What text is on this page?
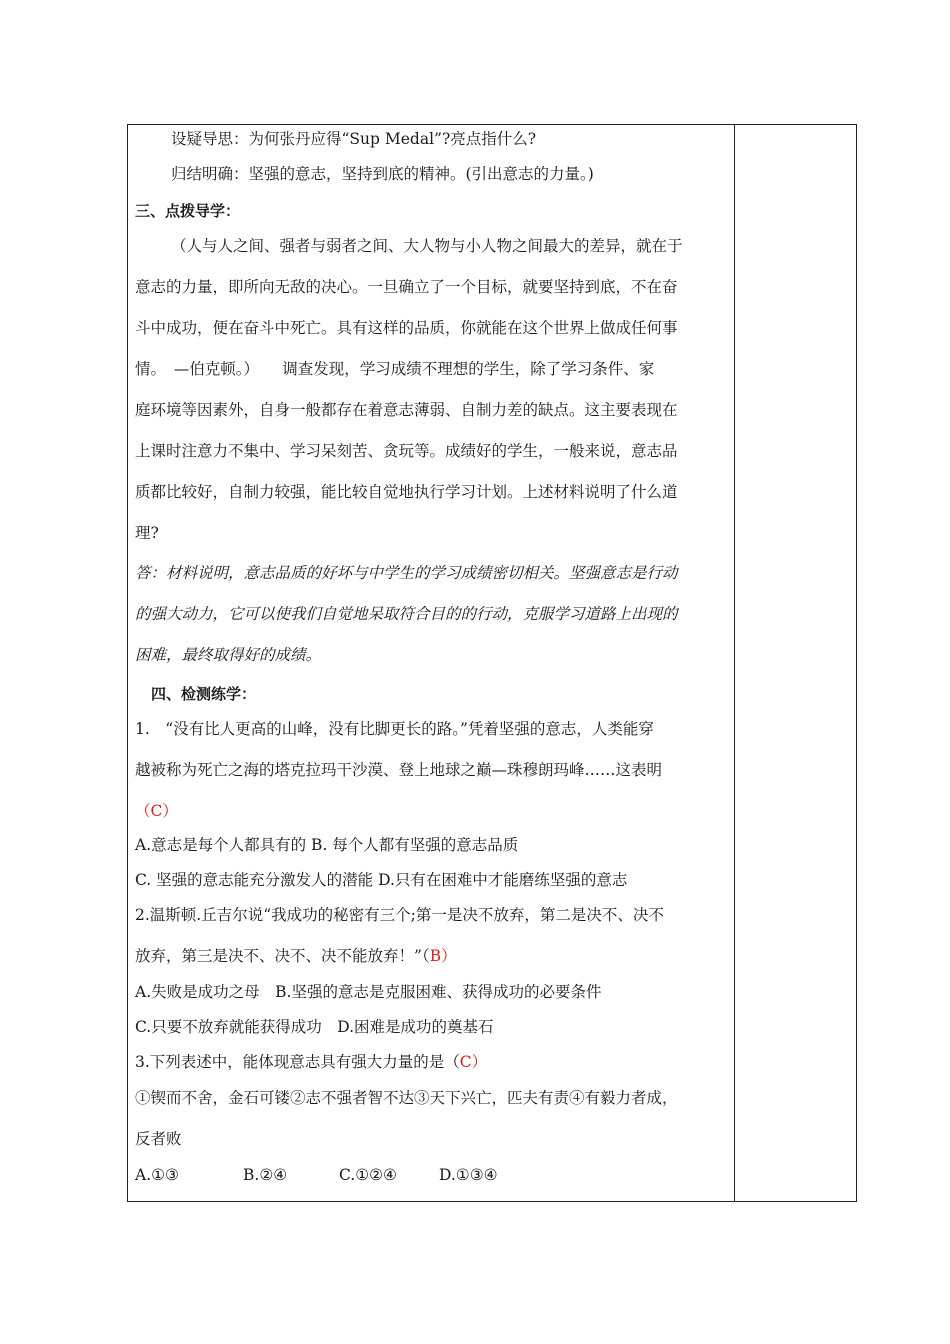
设疑导思：为何张丹应得“Sup Medal”?亮点指什么?
归结明确：坚强的意志，坚持到底的精神。(引出意志的力量。)
三、点拨导学：
（人与人之间、强者与弱者之间、大人物与小人物之间最大的差异，就在于
意志的力量，即所向无敌的决心。一旦确立了一个目标，就要坚持到底，不在奋
斗中成功，便在奋斗中死亡。具有这样的品质，你就能在这个世界上做成任何事
情。　—伯克顿。）　　调查发现，学习成绩不理想的学生，除了学习条件、家
庭环境等因素外，自身一般都存在着意志薄弱、自制力差的缺点。这主要表现在
上课时注意力不集中、学习呆刻苦、贪玩等。成绩好的学生，一般来说，意志品
质都比较好，自制力较强，能比较自觉地执行学习计划。上述材料说明了什么道
理?
答：材料说明，意志品质的好坏与中学生的学习成绩密切相关。坚强意志是行动
的强大动力，它可以使我们自觉地呆取符合目的的行动，克服学习道路上出现的
困难，最终取得好的成绩。
四、检测练学：
1.　“没有比人更高的山峰，没有比脚更长的路。”凭着坚强的意志，人类能穿
越被称为死亡之海的塔克拉玛干沙漠、登上地球之巅—珠穆朗玛峰……这表明
（C）
A.意志是每个人都具有的 B. 每个人都有坚强的意志品质
C. 坚强的意志能充分激发人的潜能 D.只有在困难中才能磨练坚强的意志
2.温斯顿.丘吉尔说“我成功的秘密有三个;第一是决不放弃，第二是决不、决不
放弃，第三是决不、决不、决不能放弃！”（B）
A.失败是成功之母　B.坚强的意志是克服困难、获得成功的必要条件
C.只要不放弃就能获得成功　D.困难是成功的奠基石
3.下列表述中，能体现意志具有强大力量的是（C）
①锲而不舍，金石可镂②志不强者智不达③天下兴亡，匹夫有责④有毅力者成，
反者败
A.①③	B.②④	C.①②④	D.①③④
